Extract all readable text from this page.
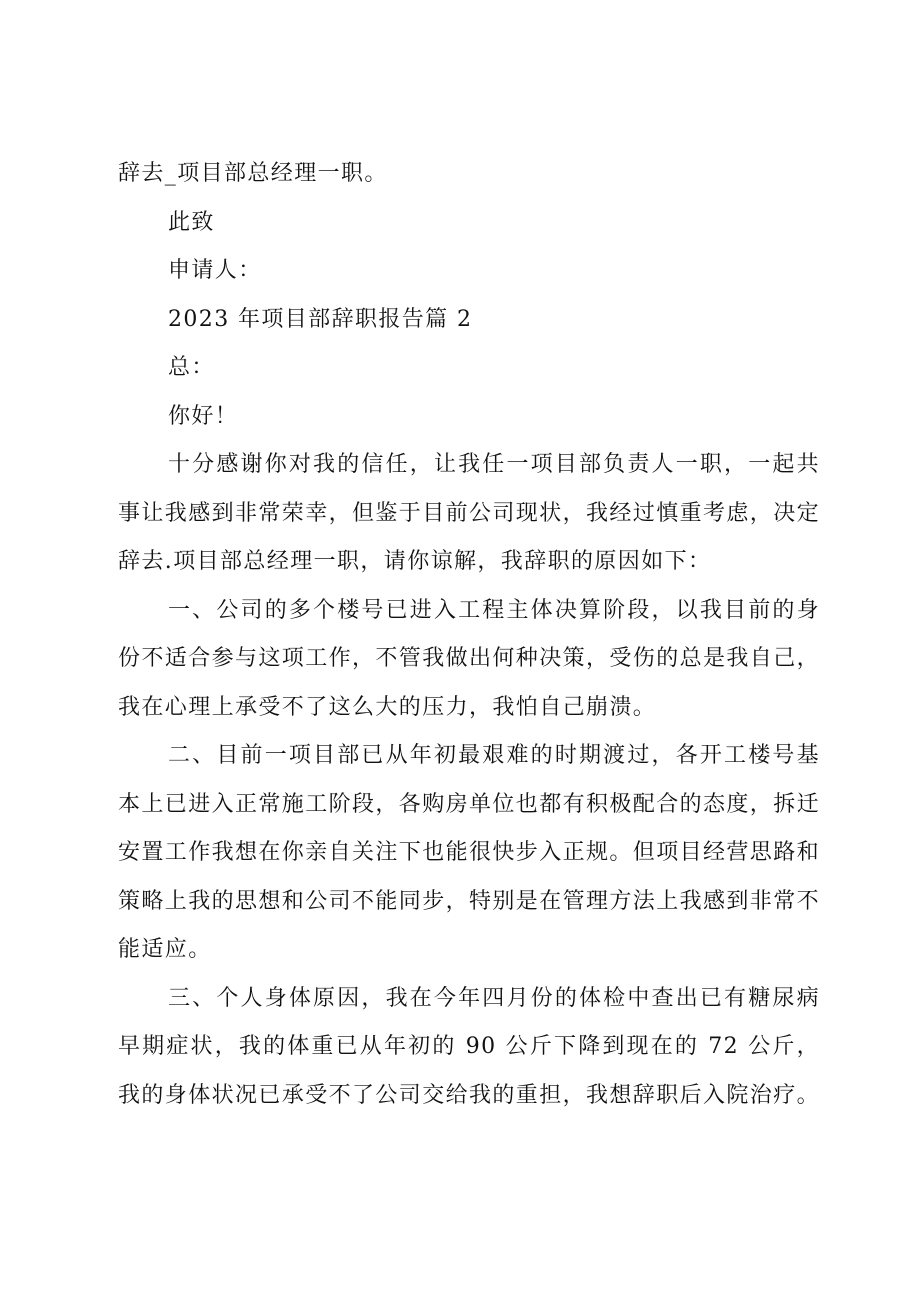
辞去_项目部总经理一职。

此致

申请人：

2023 年项目部辞职报告篇 2

总：

你好！

十分感谢你对我的信任，让我任一项目部负责人一职，一起共事让我感到非常荣幸，但鉴于目前公司现状，我经过慎重考虑，决定辞去.项目部总经理一职，请你谅解，我辞职的原因如下：

一、公司的多个楼号已进入工程主体决算阶段，以我目前的身份不适合参与这项工作，不管我做出何种决策，受伤的总是我自己，我在心理上承受不了这么大的压力，我怕自己崩溃。

二、目前一项目部已从年初最艰难的时期渡过，各开工楼号基本上已进入正常施工阶段，各购房单位也都有积极配合的态度，拆迁安置工作我想在你亲自关注下也能很快步入正规。但项目经营思路和策略上我的思想和公司不能同步，特别是在管理方法上我感到非常不能适应。

三、个人身体原因，我在今年四月份的体检中查出已有糖尿病早期症状，我的体重已从年初的 90 公斤下降到现在的 72 公斤，我的身体状况已承受不了公司交给我的重担，我想辞职后入院治疗。
